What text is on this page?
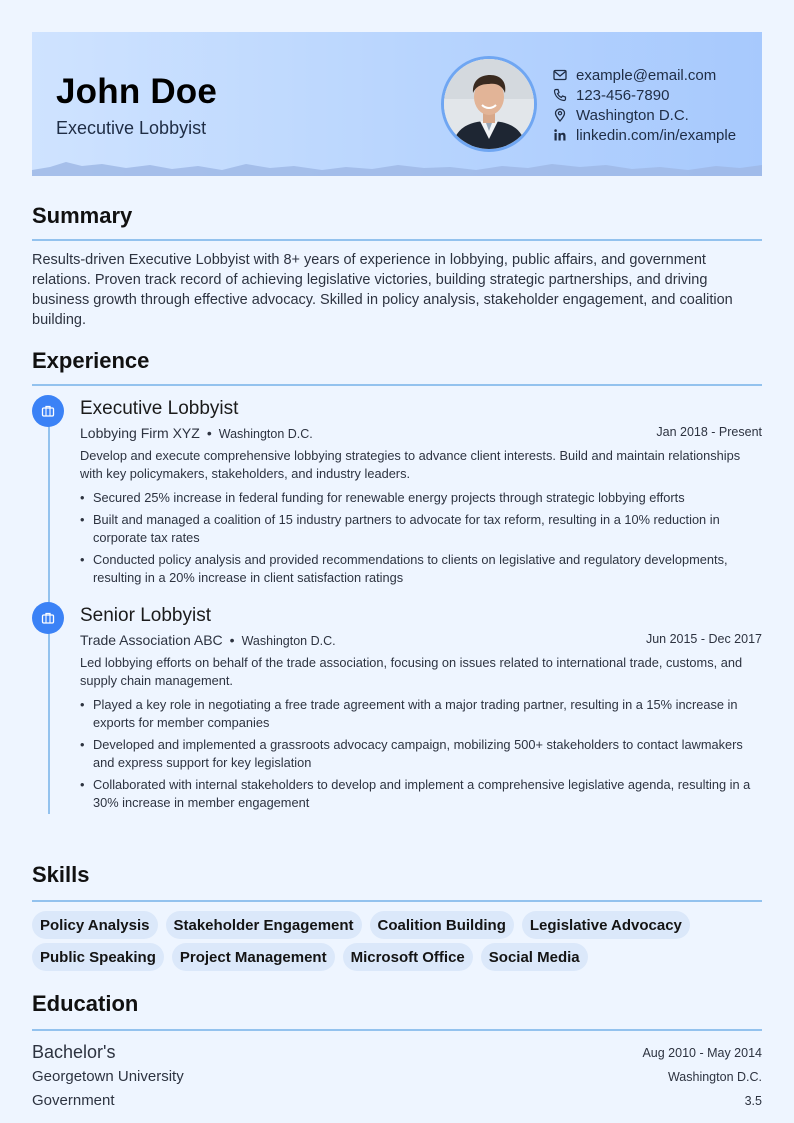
John Doe
Executive Lobbyist
example@email.com
123-456-7890
Washington D.C.
linkedin.com/in/example
Summary
Results-driven Executive Lobbyist with 8+ years of experience in lobbying, public affairs, and government relations. Proven track record of achieving legislative victories, building strategic partnerships, and driving business growth through effective advocacy. Skilled in policy analysis, stakeholder engagement, and coalition building.
Experience
Executive Lobbyist
Lobbying Firm XYZ • Washington D.C.	Jan 2018 - Present
Develop and execute comprehensive lobbying strategies to advance client interests. Build and maintain relationships with key policymakers, stakeholders, and industry leaders.
• Secured 25% increase in federal funding for renewable energy projects through strategic lobbying efforts
• Built and managed a coalition of 15 industry partners to advocate for tax reform, resulting in a 10% reduction in corporate tax rates
• Conducted policy analysis and provided recommendations to clients on legislative and regulatory developments, resulting in a 20% increase in client satisfaction ratings
Senior Lobbyist
Trade Association ABC • Washington D.C.	Jun 2015 - Dec 2017
Led lobbying efforts on behalf of the trade association, focusing on issues related to international trade, customs, and supply chain management.
• Played a key role in negotiating a free trade agreement with a major trading partner, resulting in a 15% increase in exports for member companies
• Developed and implemented a grassroots advocacy campaign, mobilizing 500+ stakeholders to contact lawmakers and express support for key legislation
• Collaborated with internal stakeholders to develop and implement a comprehensive legislative agenda, resulting in a 30% increase in member engagement
Skills
Policy Analysis	Stakeholder Engagement	Coalition Building	Legislative Advocacy
Public Speaking	Project Management	Microsoft Office	Social Media
Education
Bachelor's	Aug 2010 - May 2014
Georgetown University	Washington D.C.
Government	3.5
